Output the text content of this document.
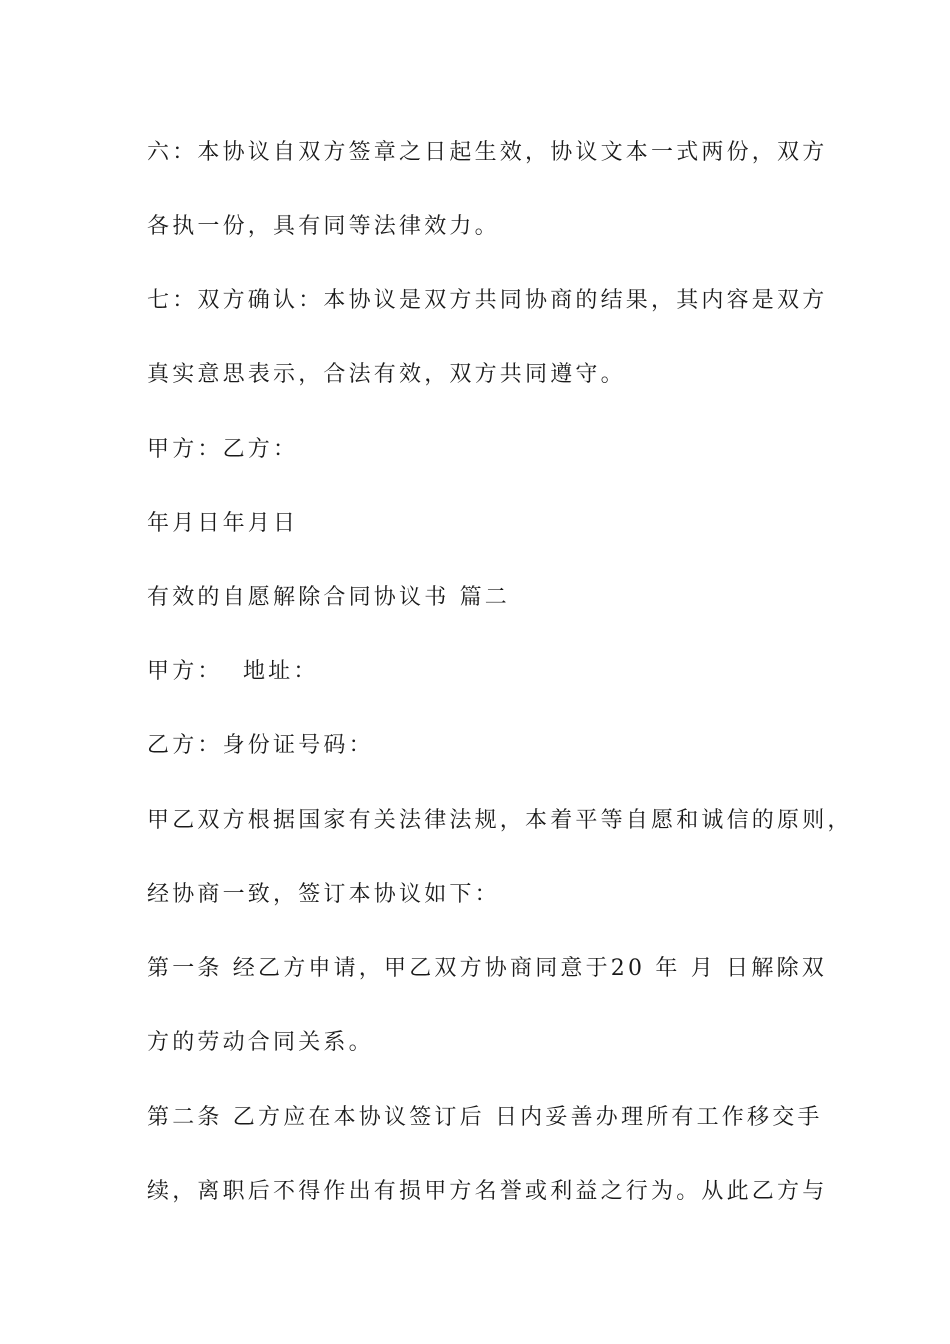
六：本协议自双方签章之日起生效，协议文本一式两份，双方

各执一份，具有同等法律效力。

七：双方确认：本协议是双方共同协商的结果，其内容是双方

真实意思表示，合法有效，双方共同遵守。

甲方：乙方：

年月日年月日

有效的自愿解除合同协议书 篇二

甲方：  地址：

乙方：身份证号码：

甲乙双方根据国家有关法律法规，本着平等自愿和诚信的原则，

经协商一致，签订本协议如下：

第一条 经乙方申请，甲乙双方协商同意于20 年 月 日解除双

方的劳动合同关系。

第二条 乙方应在本协议签订后 日内妥善办理所有工作移交手

续，离职后不得作出有损甲方名誉或利益之行为。从此乙方与
